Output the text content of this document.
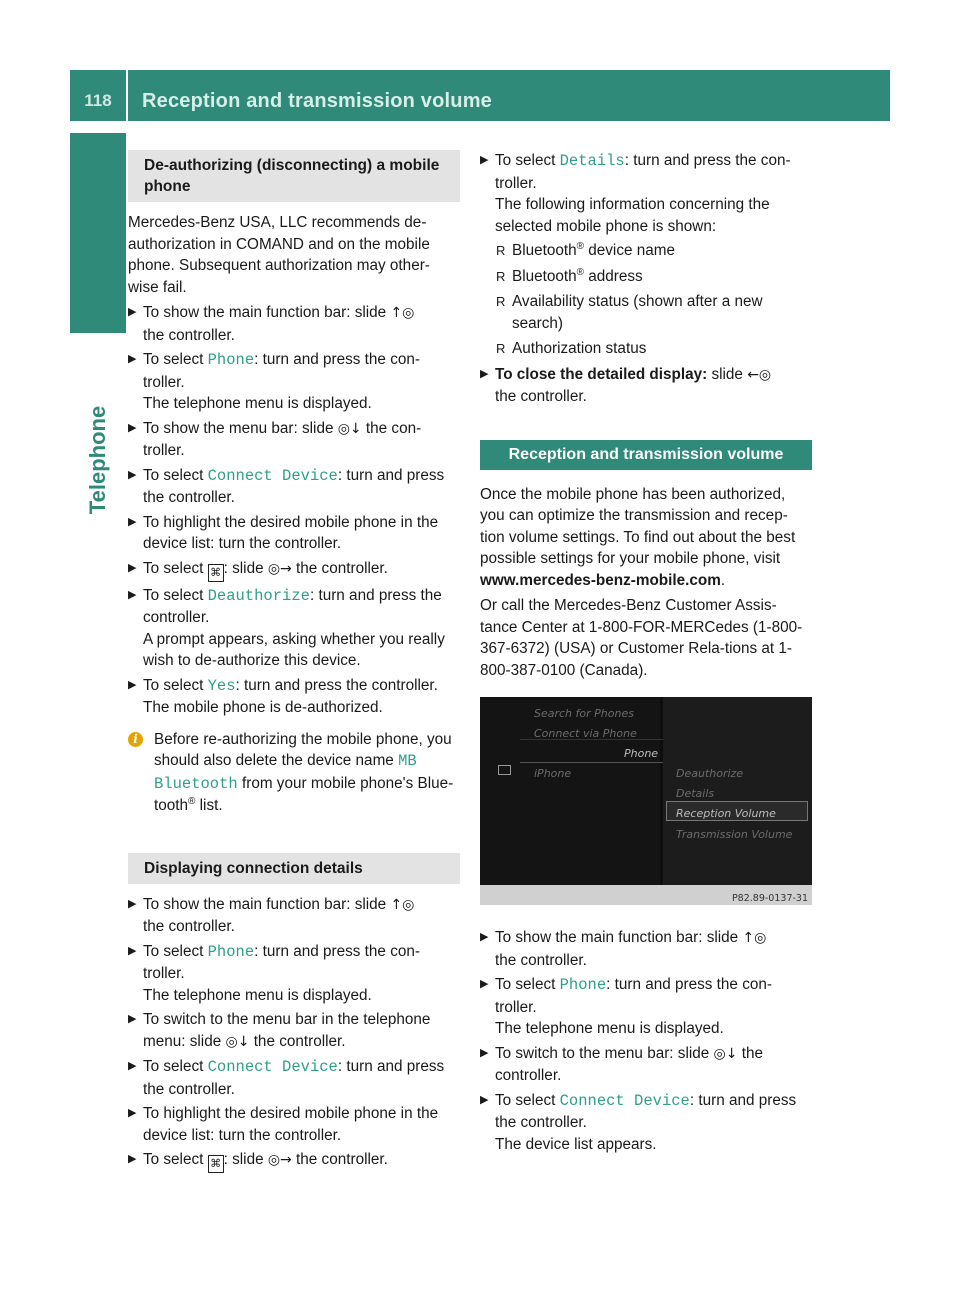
118	Reception and transmission volume
Telephone
De-authorizing (disconnecting) a mobile phone

Mercedes-Benz USA, LLC recommends de-authorization in COMAND and on the mobile phone. Subsequent authorization may other-wise fail.

▶ To show the main function bar: slide ↑◎
the controller.
▶ To select Phone: turn and press the con-troller.
The telephone menu is displayed.
▶ To show the menu bar: slide ◎↓ the con-troller.
▶ To select Connect Device: turn and press the controller.
▶ To highlight the desired mobile phone in the device list: turn the controller.
▶ To select ⌘ : slide ◎→ the controller.
▶ To select Deauthorize: turn and press the controller.
A prompt appears, asking whether you really wish to de-authorize this device.
▶ To select Yes: turn and press the controller.
The mobile phone is de-authorized.
i	Before re-authorizing the mobile phone, you should also delete the device name MB Bluetooth from your mobile phone's Blue-tooth® list.
Displaying connection details
▶ To show the main function bar: slide ↑◎
the controller.
▶ To select Phone: turn and press the con-troller.
The telephone menu is displayed.
▶ To switch to the menu bar in the telephone menu: slide ◎↓ the controller.
▶ To select Connect Device: turn and press the controller.
▶ To highlight the desired mobile phone in the device list: turn the controller.
▶ To select ⌘ : slide ◎→ the controller.
▶ To select Details: turn and press the con-troller.
The following information concerning the selected mobile phone is shown:
R Bluetooth® device name
R Bluetooth® address
R Availability status (shown after a new search)
R Authorization status
▶ To close the detailed display: slide ←◎
the controller.
Reception and transmission volume

Once the mobile phone has been authorized, you can optimize the transmission and recep-tion volume settings. To find out about the best possible settings for your mobile phone, visit www.mercedes-benz-mobile.com.

Or call the Mercedes-Benz Customer Assis-tance Center at 1-800-FOR-MERCedes (1-800-367-6372) (USA) or Customer Rela-tions at 1-800-387-0100 (Canada).

Search for Phones
Connect via Phone
Phone
iPhone	Deauthorize
Details
Reception Volume
Transmission Volume
P82.89-0137-31
▶ To show the main function bar: slide ↑◎
the controller.
▶ To select Phone: turn and press the con-troller.
The telephone menu is displayed.
▶ To switch to the menu bar: slide ◎↓ the controller.
▶ To select Connect Device: turn and press the controller.
The device list appears.
